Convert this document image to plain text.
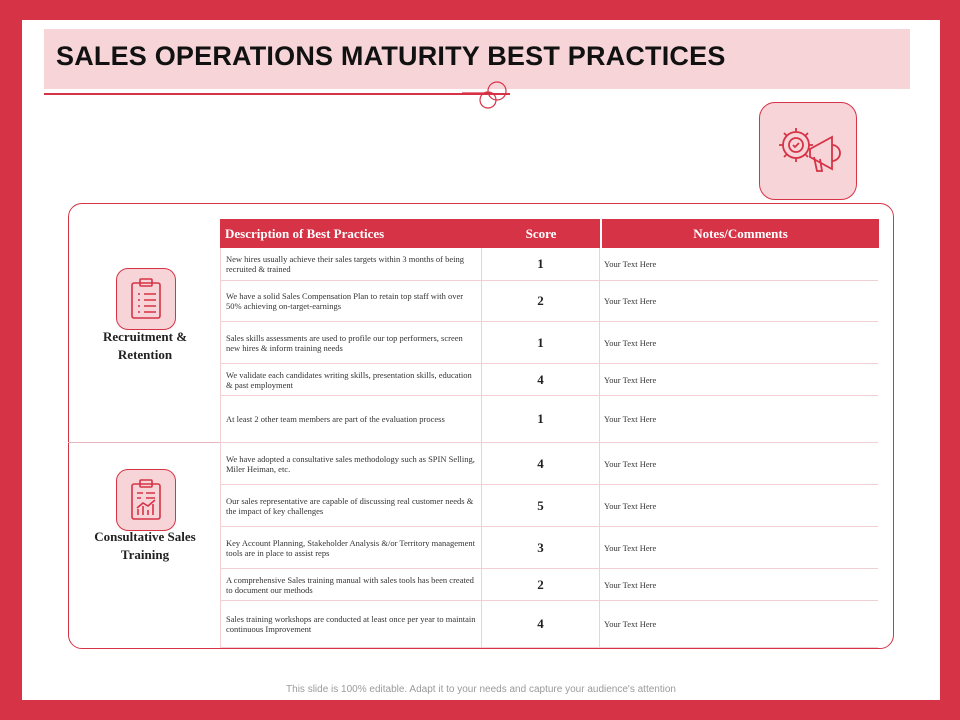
SALES OPERATIONS MATURITY BEST PRACTICES
Recruitment & Retention
Consultative Sales Training
Description of Best Practices	Score	Notes/Comments
New hires usually achieve their sales targets within 3 months of being recruited & trained	1	Your Text Here
We have a solid Sales Compensation Plan to retain top staff with over 50% achieving on-target-earnings	2	Your Text Here
Sales skills assessments are used to profile our top performers, screen new hires & inform training needs	1	Your Text Here
We validate each candidates writing skills, presentation skills, education & past employment	4	Your Text Here
At least 2 other team members are part of the evaluation process	1	Your Text Here
We have adopted a consultative sales methodology such as SPIN Selling, Miler Heiman, etc.	4	Your Text Here
Our sales representative are capable of discussing real customer needs & the impact of key challenges	5	Your Text Here
Key Account Planning, Stakeholder Analysis &/or Territory management tools are in place to assist reps	3	Your Text Here
A comprehensive Sales training manual with sales tools has been created to document our methods	2	Your Text Here
Sales training workshops are conducted at least once per year to maintain continuous Improvement	4	Your Text Here
This slide is 100% editable. Adapt it to your needs and capture your audience's attention
